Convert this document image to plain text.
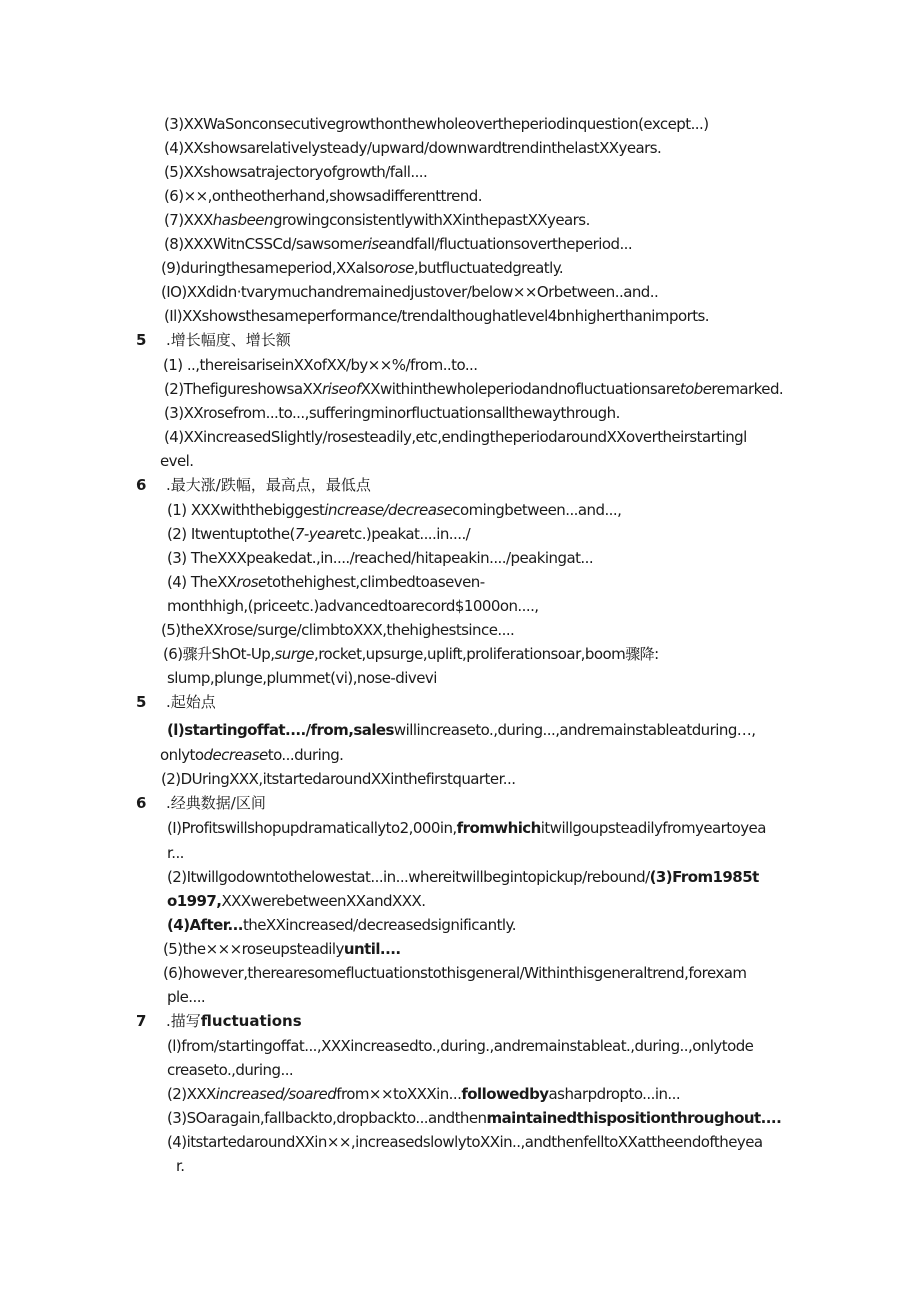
(3)XXWaSonconsecutivegrowthonthewholeovertheperiodinquestion(except...)
(4)XXshowsarelativelysteady/upward/downwardtrendinthelastXXyears.
(5)XXshowsatrajectoryofgrowth/fall....
(6)××,ontheotherhand,showsadifferenttrend.
(7)XXXhasbeengrowingconsistentlywithXXinthepastXXyears.
(8)XXXWitnCSSCd/sawsomeriseandfall/fluctuationsovertheperiod...
(9)duringthesameperiod,XXalsorose,butfluctuatedgreatly.
(IO)XXdidn·tvarymuchandremainedjustover/below××Orbetween..and..
(Il)XXshowsthesameperformance/trendalthoughatlevel4bnhigherthanimports.
5 .增长幅度、增长额
(1) ..,thereisariseinXXofXX/by××%/from..to...
(2)ThefigureshowsaXXriseofXXwithinthewholeperiodandnofluctuationsaretoberemarked.
(3)XXrosefrom...to...,sufferingminorfluctuationsallthewaythrough.
(4)XXincreasedSIightly/rosesteadily,etc,endingtheperiodaroundXXovertheirstartingl
evel.
6 .最大涨/跌幅，最高点，最低点
(1) XXXwiththebiggestincrease/decreasecomingbetween...and...,
(2) Itwentuptothe(7-yearetc.)peakat....in..../
(3) TheXXXpeakedat.,in..../reached/hitapeakin..../peakingat...
(4) TheXXrosetothehighest,climbedtoaseven-
monthhigh,(priceetc.)advancedtoarecord$1000on....,
(5)theXXrose/surge/climbtoXXX,thehighestsince....
(6)骤升ShOt-Up,surge,rocket,upsurge,uplift,proliferationsoar,boom骤降:
slump,plunge,plummet(vi),nose-divevi
5 .起始点
(l)startingoffat..../from,saleswillincreaseto.,during...,andremainstableatduring…,
onlytodecreaseto...during.
(2)DUringXXX,itstartedaroundXXinthefirstquarter...
6 .经典数据/区间
(I)Profitswillshopupdramaticallyto2,000in,fromwhichitwillgoupsteadilyfromyeartoyea
r...
(2)Itwillgodowntothelowestat...in...whereitwillbegintopickup/rebound/(3)From1985t
o1997,XXXwerebetweenXXandXXX.
(4)After...theXXincreased/decreasedsignificantly.
(5)the×××roseupsteadilyuntil....
(6)however,therearesomefluctuationstothisgeneral/Withinthisgeneraltrend,forexam
ple....
7 .描写fluctuations
(l)from/startingoffat...,XXXincreasedto.,during.,andremainstableat.,during..,onlytode
creaseto.,during...
(2)XXXincreased/soaredfrom××toXXXin...followedbyasharpdropto...in...
(3)SOaragain,fallbackto,dropbackto...andthenmaintainedthispositionthroughout....
(4)itstartedaroundXXin××,increasedslowlytoXXin..,andthenfelltoXXattheendoftheyea
r.
